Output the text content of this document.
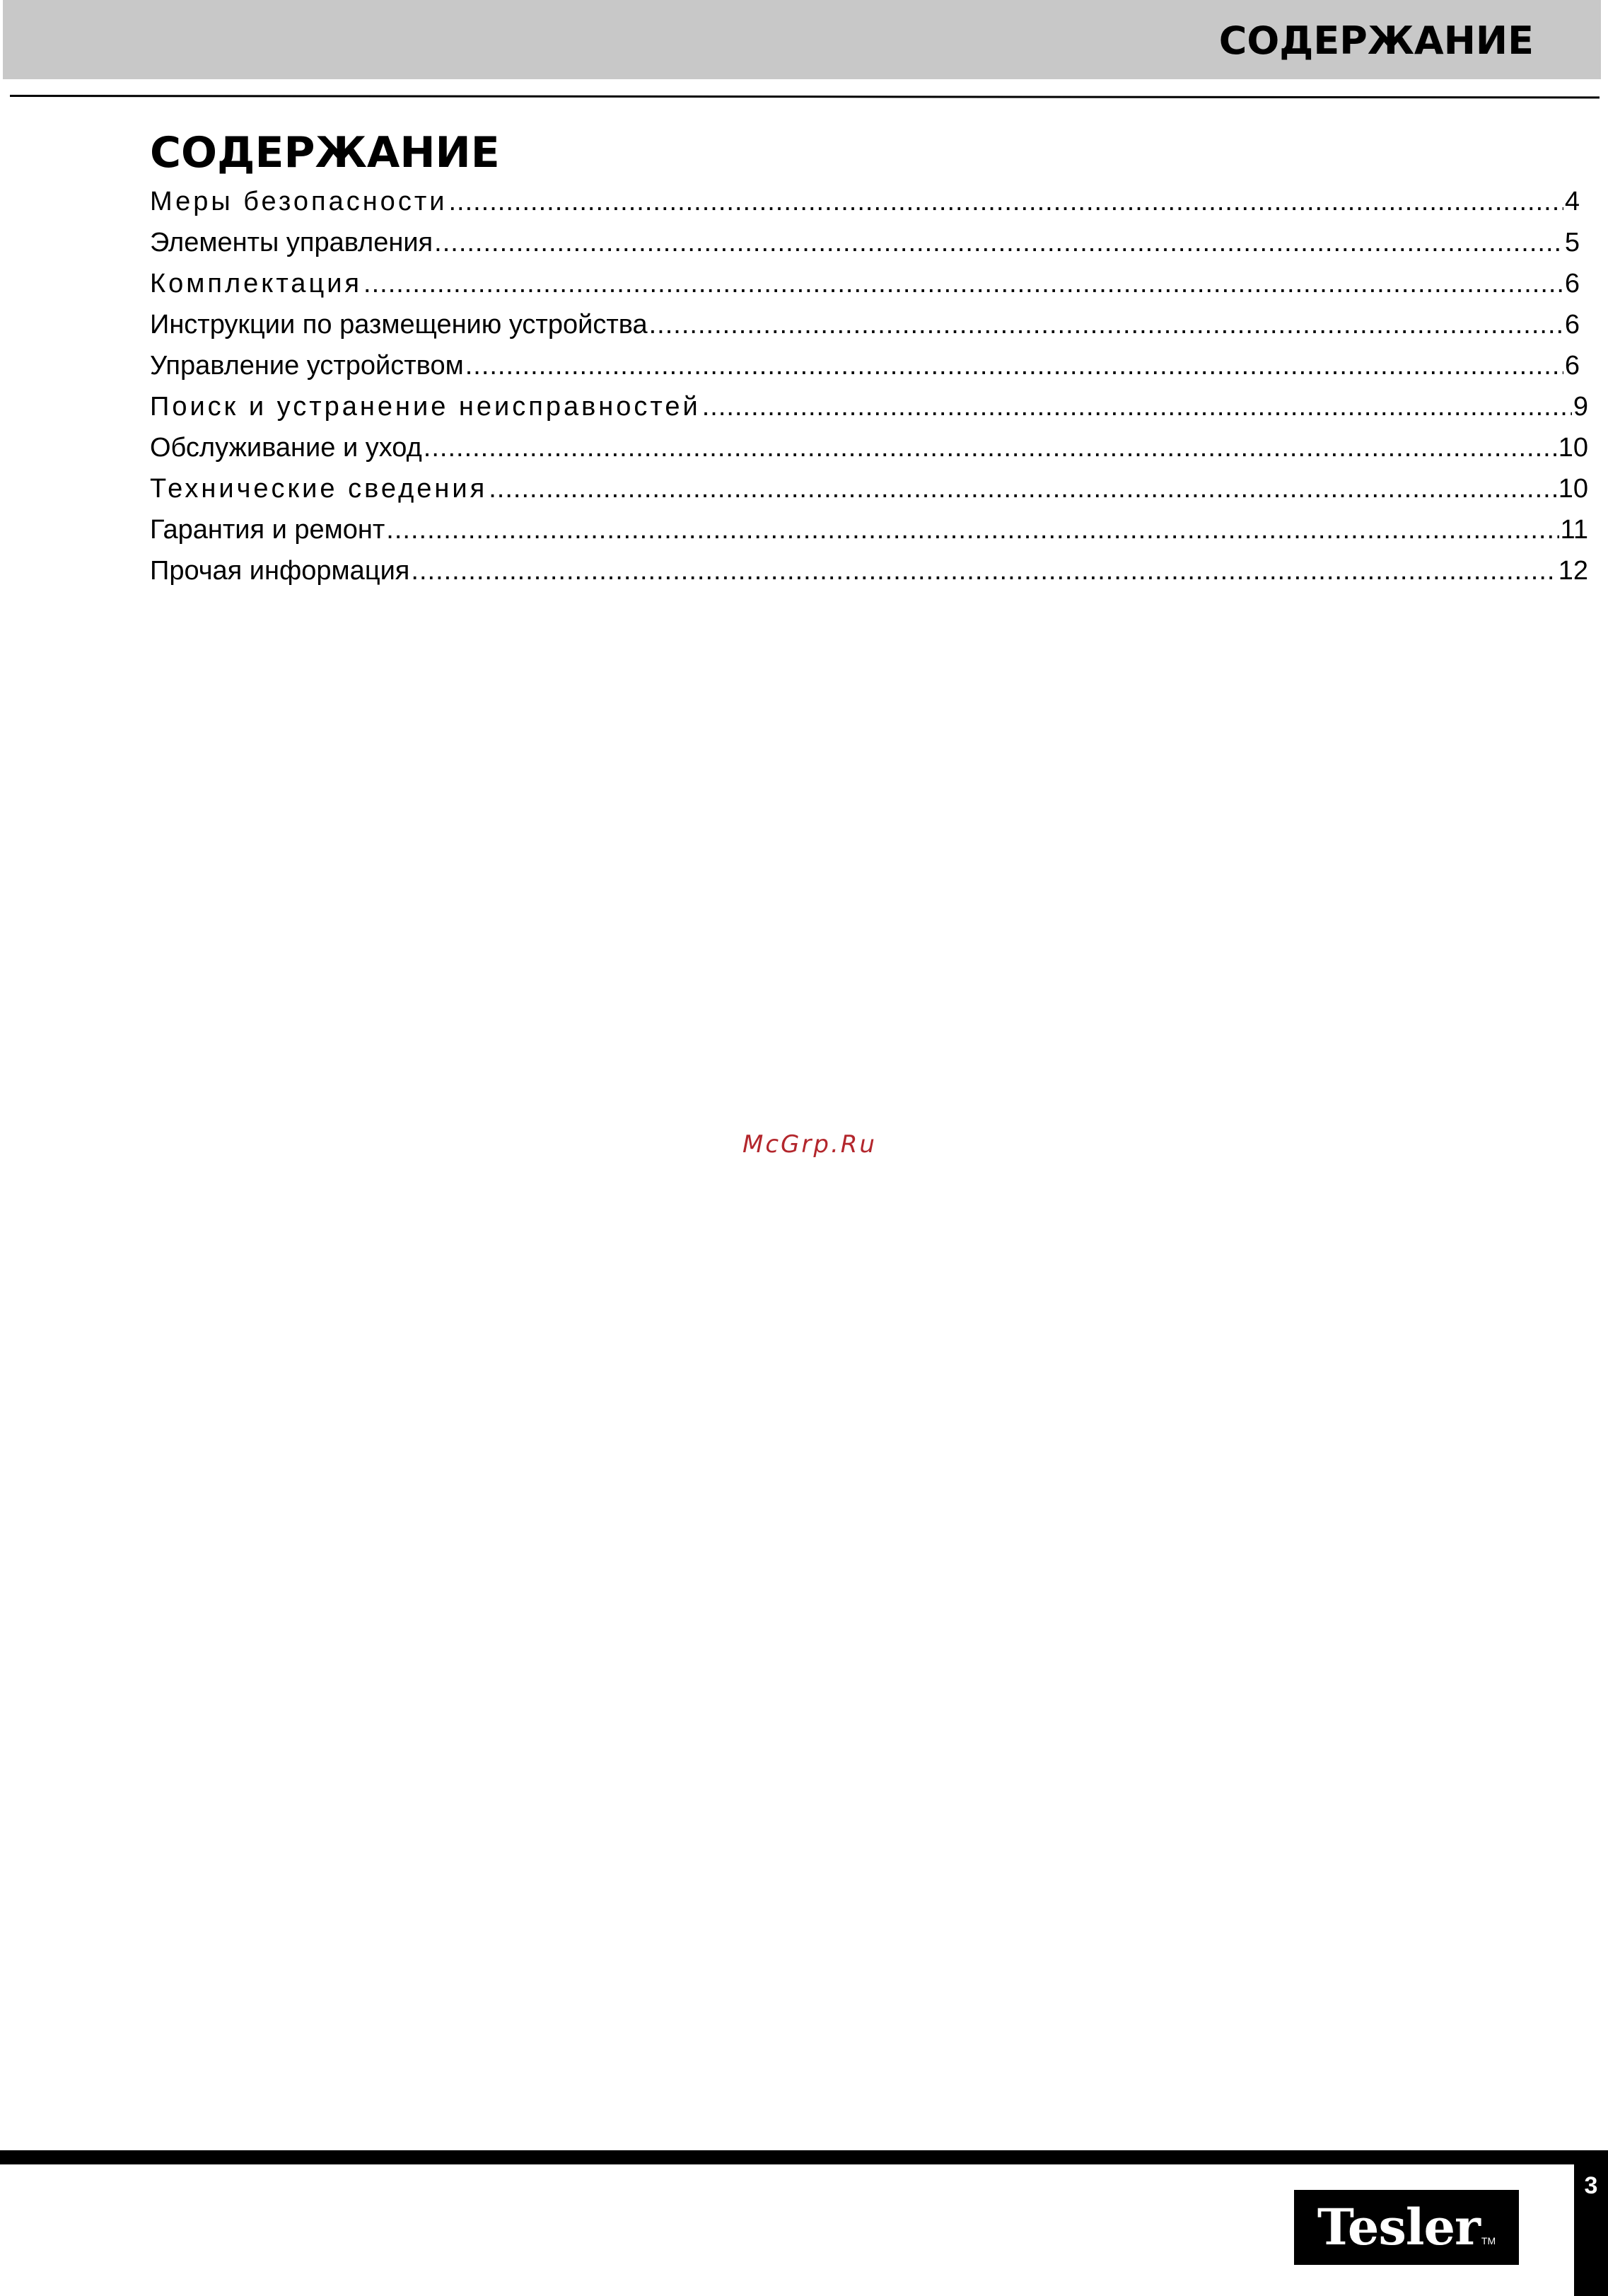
СОДЕРЖАНИЕ
СОДЕРЖАНИЕ
Меры безопасности .....	4
Элементы управления .....	5
Комплектация .....	6
Инструкции по размещению устройства .....	6
Управление устройством .....	6
Поиск и устранение неисправностей .....	9
Обслуживание и уход .....	10
Технические сведения .....	10
Гарантия и ремонт .....	11
Прочая информация .....	12
McGrp.Ru
3
Tesler TM
